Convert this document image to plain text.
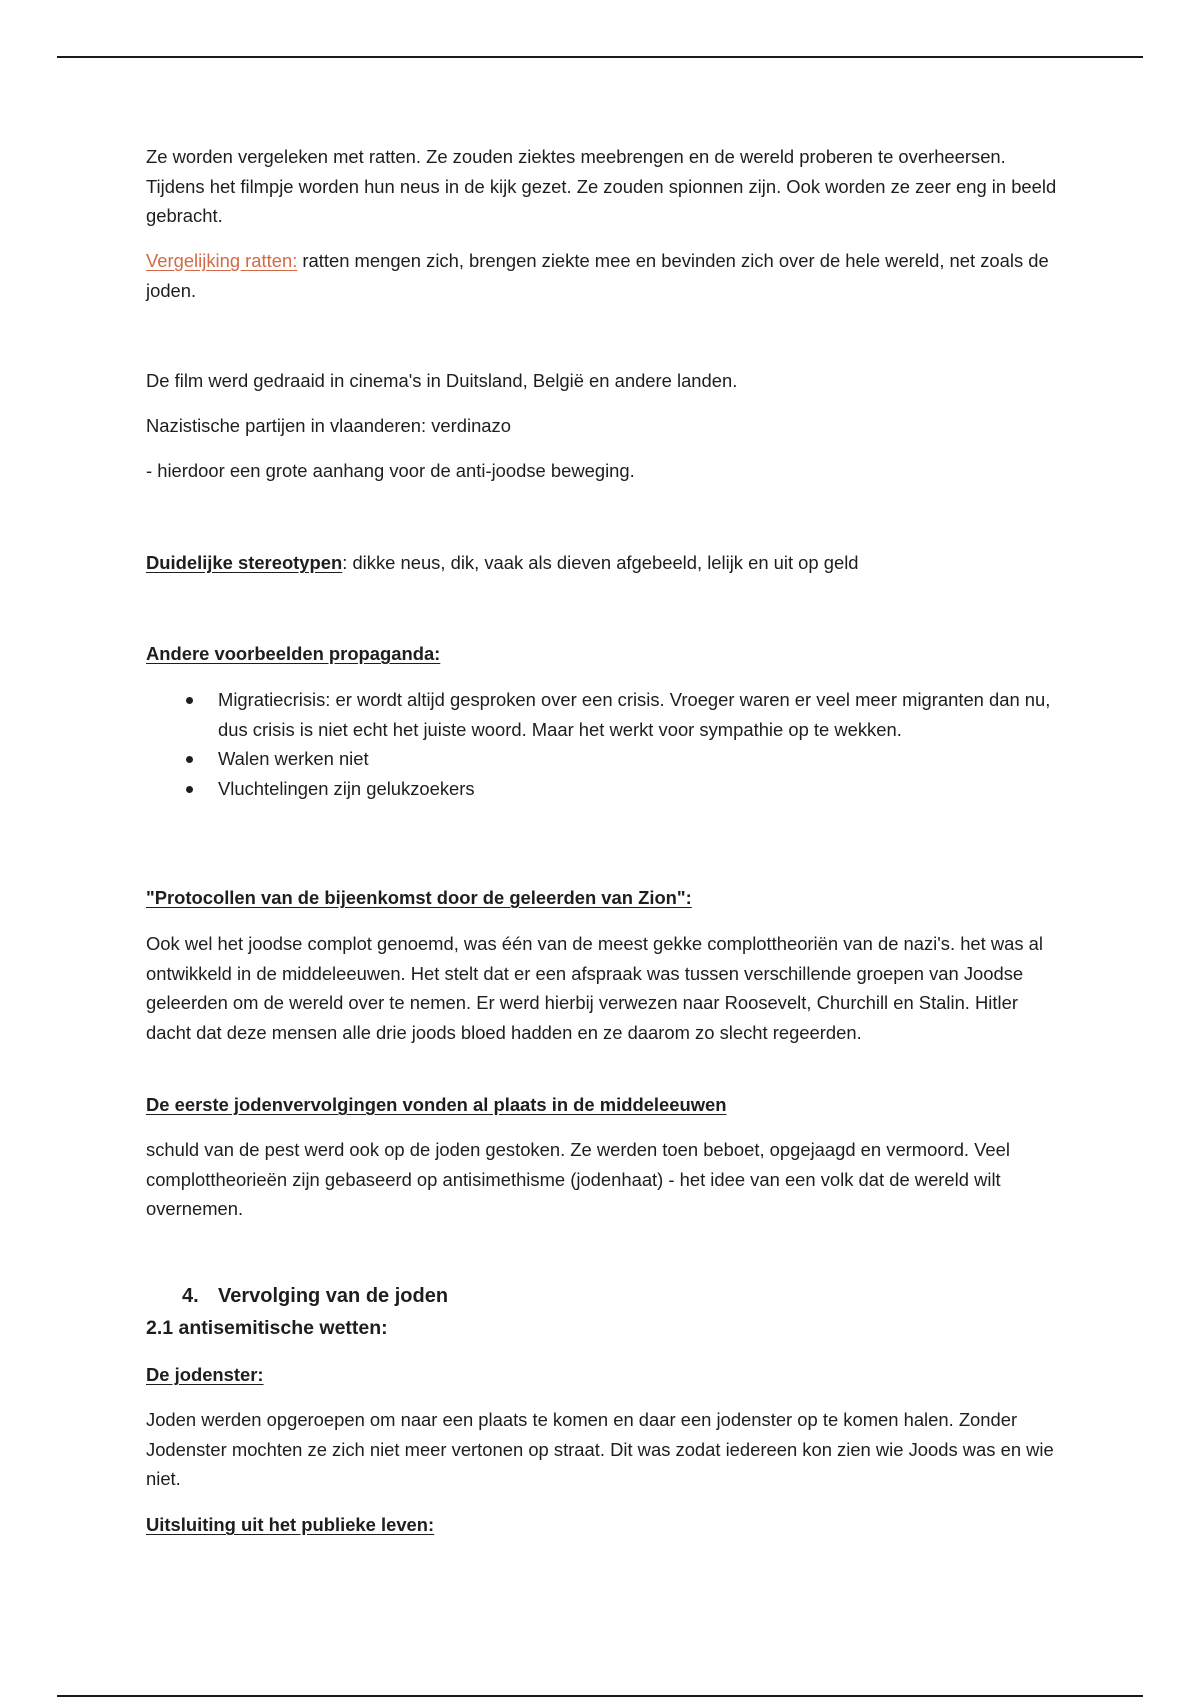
Ze worden vergeleken met ratten. Ze zouden ziektes meebrengen en de wereld proberen te overheersen. Tijdens het filmpje worden hun neus in de kijk gezet. Ze zouden spionnen zijn. Ook worden ze zeer eng in beeld gebracht.

Vergelijking ratten: ratten mengen zich, brengen ziekte mee en bevinden zich over de hele wereld, net zoals de joden.

De film werd gedraaid in cinema's in Duitsland, België en andere landen.

Nazistische partijen in vlaanderen: verdinazo

- hierdoor een grote aanhang voor de anti-joodse beweging.

Duidelijke stereotypen: dikke neus, dik, vaak als dieven afgebeeld, lelijk en uit op geld

Andere voorbeelden propaganda:

Migratiecrisis: er wordt altijd gesproken over een crisis. Vroeger waren er veel meer migranten dan nu, dus crisis is niet echt het juiste woord. Maar het werkt voor sympathie op te wekken.
Walen werken niet
Vluchtelingen zijn gelukzoekers

"Protocollen van de bijeenkomst door de geleerden van Zion":

Ook wel het joodse complot genoemd, was één van de meest gekke complottheoriën van de nazi's. het was al ontwikkeld in de middeleeuwen. Het stelt dat er een afspraak was tussen verschillende groepen van Joodse geleerden om de wereld over te nemen. Er werd hierbij verwezen naar Roosevelt, Churchill en Stalin. Hitler dacht dat deze mensen alle drie joods bloed hadden en ze daarom zo slecht regeerden.

De eerste jodenvervolgingen vonden al plaats in de middeleeuwen

schuld van de pest werd ook op de joden gestoken. Ze werden toen beboet, opgejaagd en vermoord. Veel complottheorieën zijn gebaseerd op antisimethisme (jodenhaat) - het idee van een volk dat de wereld wilt overnemen.

4. Vervolging van de joden

2.1 antisemitische wetten:

De jodenster:

Joden werden opgeroepen om naar een plaats te komen en daar een jodenster op te komen halen. Zonder Jodenster mochten ze zich niet meer vertonen op straat. Dit was zodat iedereen kon zien wie Joods was en wie niet.

Uitsluiting uit het publieke leven:
